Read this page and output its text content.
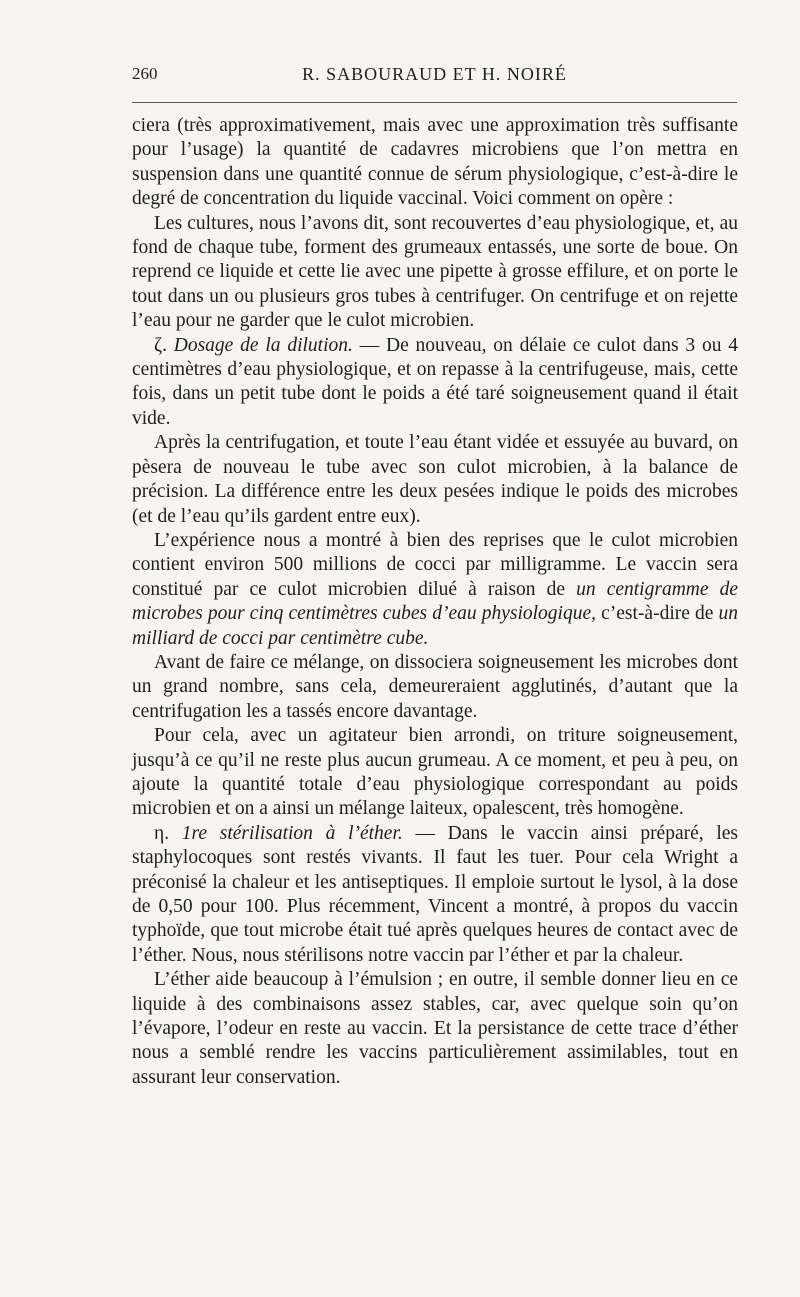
260	R. SABOURAUD ET H. NOIRÉ

ciera (très approximativement, mais avec une approximation très suffisante pour l’usage) la quantité de cadavres microbiens que l’on mettra en suspension dans une quantité connue de sérum physiologique, c’est-à-dire le degré de concentration du liquide vaccinal. Voici comment on opère :

Les cultures, nous l’avons dit, sont recouvertes d’eau physiologique, et, au fond de chaque tube, forment des grumeaux entassés, une sorte de boue. On reprend ce liquide et cette lie avec une pipette à grosse effilure, et on porte le tout dans un ou plusieurs gros tubes à centrifuger. On centrifuge et on rejette l’eau pour ne garder que le culot microbien.

ζ. Dosage de la dilution. — De nouveau, on délaie ce culot dans 3 ou 4 centimètres d’eau physiologique, et on repasse à la centrifugeuse, mais, cette fois, dans un petit tube dont le poids a été taré soigneusement quand il était vide.

Après la centrifugation, et toute l’eau étant vidée et essuyée au buvard, on pèsera de nouveau le tube avec son culot microbien, à la balance de précision. La différence entre les deux pesées indique le poids des microbes (et de l’eau qu’ils gardent entre eux).

L’expérience nous a montré à bien des reprises que le culot microbien contient environ 500 millions de cocci par milligramme. Le vaccin sera constitué par ce culot microbien dilué à raison de un centigramme de microbes pour cinq centimètres cubes d’eau physiologique, c’est-à-dire de un milliard de cocci par centimètre cube.

Avant de faire ce mélange, on dissociera soigneusement les microbes dont un grand nombre, sans cela, demeureraient agglutinés, d’autant que la centrifugation les a tassés encore davantage.

Pour cela, avec un agitateur bien arrondi, on triture soigneusement, jusqu’à ce qu’il ne reste plus aucun grumeau. A ce moment, et peu à peu, on ajoute la quantité totale d’eau physiologique correspondant au poids microbien et on a ainsi un mélange laiteux, opalescent, très homogène.

η. 1re stérilisation à l’éther. — Dans le vaccin ainsi préparé, les staphylocoques sont restés vivants. Il faut les tuer. Pour cela Wright a préconisé la chaleur et les antiseptiques. Il emploie surtout le lysol, à la dose de 0,50 pour 100. Plus récemment, Vincent a montré, à propos du vaccin typhoïde, que tout microbe était tué après quelques heures de contact avec de l’éther. Nous, nous stérilisons notre vaccin par l’éther et par la chaleur.

L’éther aide beaucoup à l’émulsion ; en outre, il semble donner lieu en ce liquide à des combinaisons assez stables, car, avec quelque soin qu’on l’évapore, l’odeur en reste au vaccin. Et la persistance de cette trace d’éther nous a semblé rendre les vaccins particulièrement assimilables, tout en assurant leur conservation.
